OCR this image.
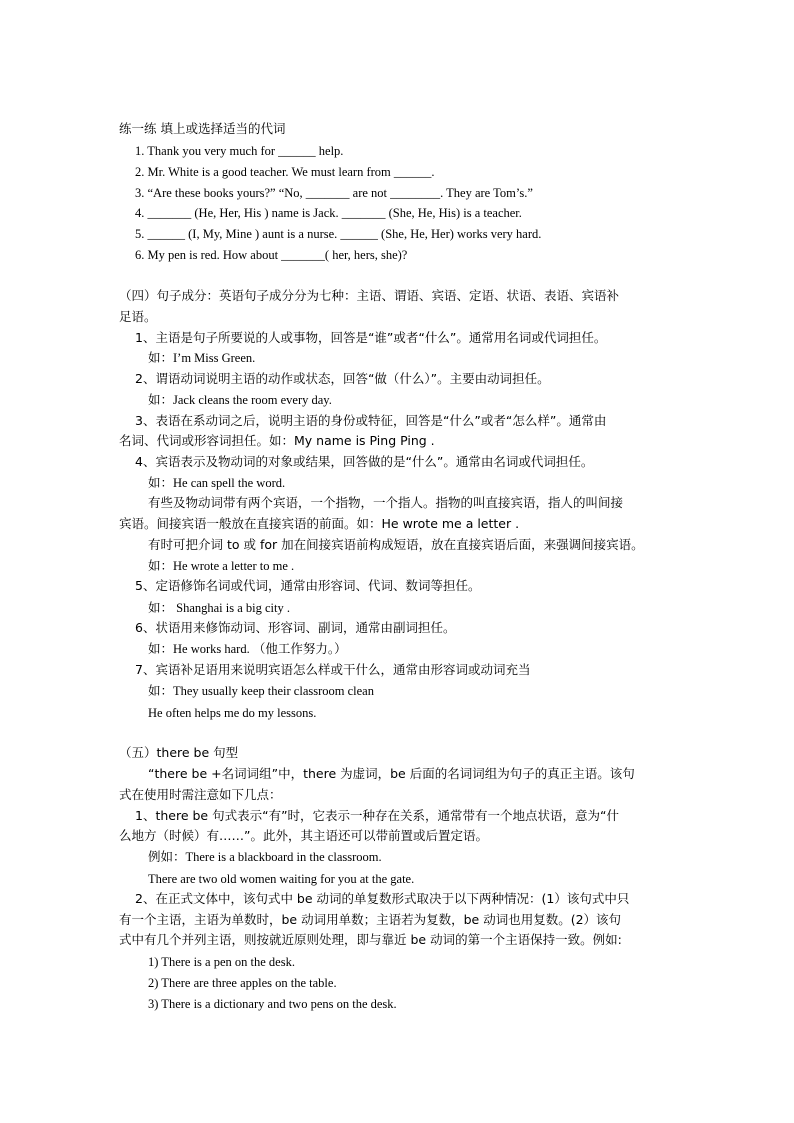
练一练 填上或选择适当的代词
1. Thank you very much for ______ help.
2. Mr. White is a good teacher. We must learn from ______.
3. “Are these books yours?” “No, _______ are not ________. They are Tom’s.”
4. _______ (He, Her, His ) name is Jack. _______ (She, He, His) is a teacher.
5. ______ (I, My, Mine ) aunt is a nurse. ______ (She, He, Her) works very hard.
6. My pen is red. How about _______( her, hers, she)?
（四）句子成分：英语句子成分分为七种：主语、谓语、宾语、定语、状语、表语、宾语补
足语。
1、主语是句子所要说的人或事物，回答是“谁”或者“什么”。通常用名词或代词担任。
如：I’m Miss Green.
2、谓语动词说明主语的动作或状态，回答“做（什么）”。主要由动词担任。
如：Jack cleans the room every day.
3、表语在系动词之后，说明主语的身份或特征，回答是“什么”或者“怎么样”。通常由
名词、代词或形容词担任。如：My name is Ping Ping .
4、宾语表示及物动词的对象或结果，回答做的是“什么”。通常由名词或代词担任。
如：He can spell the word.
有些及物动词带有两个宾语，一个指物，一个指人。指物的叫直接宾语，指人的叫间接
宾语。间接宾语一般放在直接宾语的前面。如：He wrote me a letter .
有时可把介词 to 或 for 加在间接宾语前构成短语，放在直接宾语后面，来强调间接宾语。
如：He wrote a letter to me .
5、定语修饰名词或代词，通常由形容词、代词、数词等担任。
如： Shanghai is a big city .
6、状语用来修饰动词、形容词、副词，通常由副词担任。
如：He works hard. （他工作努力。）
7、宾语补足语用来说明宾语怎么样或干什么，通常由形容词或动词充当
如：They usually keep their classroom clean
He often helps me do my lessons.
（五）there be 句型
“there be +名词词组”中，there 为虚词，be 后面的名词词组为句子的真正主语。该句
式在使用时需注意如下几点：
1、there be 句式表示“有”时，它表示一种存在关系，通常带有一个地点状语，意为“什
么地方（时候）有……”。此外，其主语还可以带前置或后置定语。
例如：There is a blackboard in the classroom.
There are two old women waiting for you at the gate.
2、在正式文体中，该句式中 be 动词的单复数形式取决于以下两种情况：(1）该句式中只
有一个主语，主语为单数时，be 动词用单数；主语若为复数，be 动词也用复数。(2）该句
式中有几个并列主语，则按就近原则处理，即与靠近 be 动词的第一个主语保持一致。例如:
1) There is a pen on the desk.
2) There are three apples on the table.
3) There is a dictionary and two pens on the desk.
